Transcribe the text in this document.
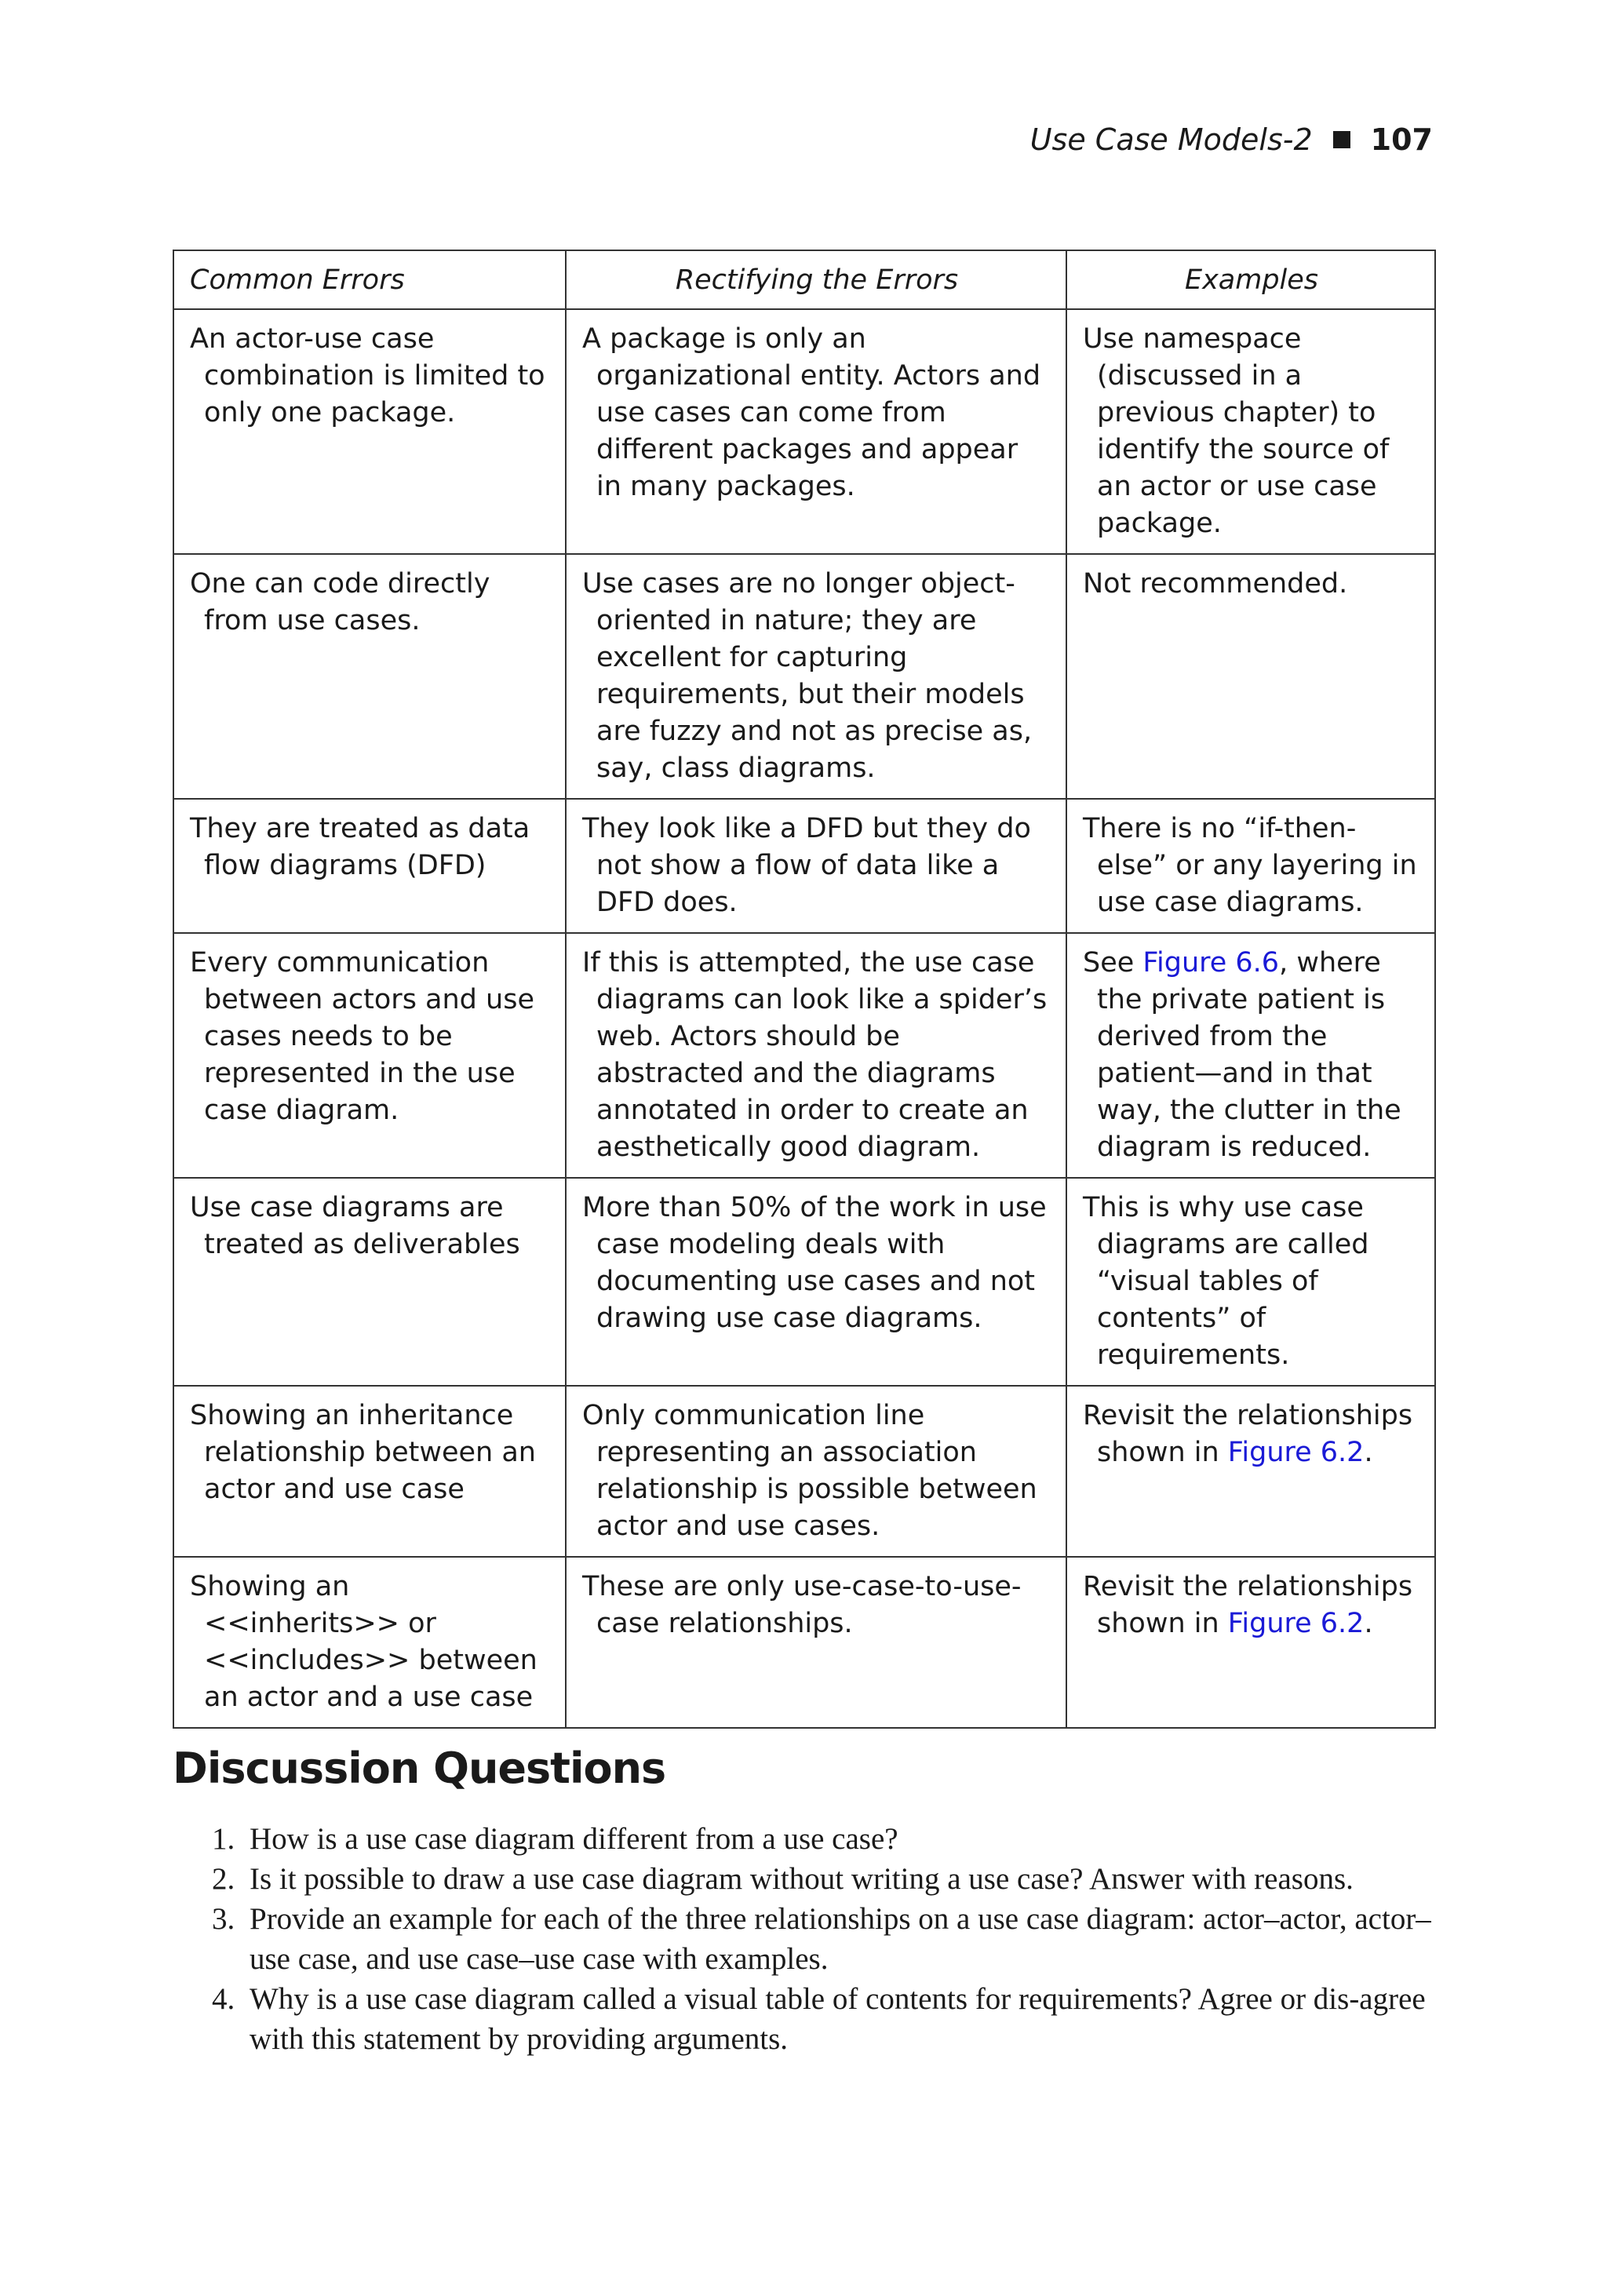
Use Case Models-2 107
Common Errors	Rectifying the Errors	Examples

An actor-use case combination is limited to only one package.	A package is only an organizational entity. Actors and use cases can come from different packages and appear in many packages.	Use namespace (discussed in a previous chapter) to identify the source of an actor or use case package.

One can code directly from use cases.	Use cases are no longer object-oriented in nature; they are excellent for capturing requirements, but their models are fuzzy and not as precise as, say, class diagrams.	Not recommended.

They are treated as data flow diagrams (DFD)	They look like a DFD but they do not show a flow of data like a DFD does.	There is no “if-then-else” or any layering in use case diagrams.

Every communication between actors and use cases needs to be represented in the use case diagram.	If this is attempted, the use case diagrams can look like a spider’s web. Actors should be abstracted and the diagrams annotated in order to create an aesthetically good diagram.	See Figure 6.6, where the private patient is derived from the patient—and in that way, the clutter in the diagram is reduced.

Use case diagrams are treated as deliverables	More than 50% of the work in use case modeling deals with documenting use cases and not drawing use case diagrams.	This is why use case diagrams are called “visual tables of contents” of requirements.

Showing an inheritance relationship between an actor and use case	Only communication line representing an association relationship is possible between actor and use cases.	Revisit the relationships shown in Figure 6.2.

Showing an <<inherits>> or <<includes>> between an actor and a use case	These are only use-case-to-use-case relationships.	Revisit the relationships shown in Figure 6.2.
Discussion Questions
1. How is a use case diagram different from a use case?
2. Is it possible to draw a use case diagram without writing a use case? Answer with reasons.
3. Provide an example for each of the three relationships on a use case diagram: actor–actor, actor–use case, and use case–use case with examples.
4. Why is a use case diagram called a visual table of contents for requirements? Agree or dis-agree with this statement by providing arguments.
